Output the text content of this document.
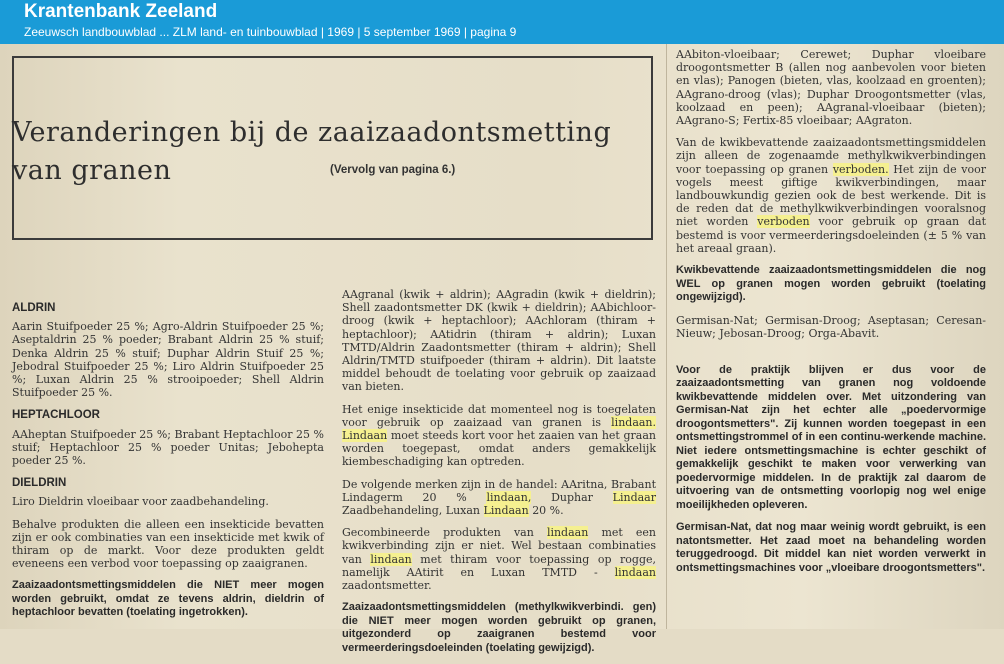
Krantenbank Zeeland
Zeeuwsch landbouwblad ... ZLM land- en tuinbouwblad | 1969 | 5 september 1969 | pagina 9
Veranderingen bij de zaaizaadontsmetting
van granen	(Vervolg van pagina 6.)
ALDRIN

Aarin Stuifpoeder 25 %; Agro-Aldrin Stuifpoeder 25 %; Aseptaldrin 25 % poeder; Brabant Aldrin 25 % stuif; Denka Aldrin 25 % stuif; Duphar Aldrin Stuif 25 %; Jebodral Stuifpoeder 25 %; Liro Aldrin Stuifpoeder 25 %; Luxan Aldrin 25 % strooipoeder; Shell Aldrin Stuifpoeder 25 %.

HEPTACHLOOR

AAheptan Stuifpoeder 25 %; Brabant Heptachloor 25 % stuif; Heptachloor 25 % poeder Unitas; Jebohepta poeder 25 %.

DIELDRIN

Liro Dieldrin vloeibaar voor zaadbehandeling.

Behalve produkten die alleen een insekticide bevatten zijn er ook combinaties van een insekticide met kwik of thiram op de markt. Voor deze produkten geldt eveneens een verbod voor toepassing op zaaigranen.

Zaaizaadontsmettingsmiddelen die NIET meer mogen worden gebruikt, omdat ze tevens aldrin, dieldrin of heptachloor bevatten (toelating ingetrokken).

AAgranal (kwik + aldrin); AAgradin (kwik + dieldrin); Shell zaadontsmetter DK (kwik + dieldrin); AAbichloor-droog (kwik + heptachloor); AAchloram (thiram + heptachloor); AAtidrin (thiram + aldrin); Luxan TMTD/Aldrin Zaadontsmetter (thiram + aldrin); Shell Aldrin/TMTD stuifpoeder (thiram + aldrin). Dit laatste middel behoudt de toelating voor gebruik op zaaizaad van bieten.

Het enige insekticide dat momenteel nog is toegelaten voor gebruik op zaaizaad van granen is lindaan. Lindaan moet steeds kort voor het zaaien van het graan worden toegepast, omdat anders gemakkelijk kiembeschadiging kan optreden.

De volgende merken zijn in de handel: AAritna, Brabant Lindagerm 20 % lindaan, Duphar Lindaar Zaadbehandeling, Luxan Lindaan 20 %.

Gecombineerde produkten van lindaan met een kwikverbinding zijn er niet. Wel bestaan combinaties van lindaan met thiram voor toepassing op rogge, namelijk AAtirit en Luxan TMTD - lindaan zaadontsmetter.

Zaaizaadontsmettingsmiddelen (methylkwikverbindi. gen) die NIET meer mogen worden gebruikt op granen, uitgezonderd op zaaigranen bestemd voor vermeerderingsdoeleinden (toelating gewijzigd).

AAbiton-vloeibaar; Cerewet; Duphar vloeibare droogontsmetter B (allen nog aanbevolen voor bieten en vlas); Panogen (bieten, vlas, koolzaad en groenten); AAgrano-droog (vlas); Duphar Droogontsmetter (vlas, koolzaad en peen); AAgranal-vloeibaar (bieten); AAgrano-S; Fertix-85 vloeibaar; AAgraton.

Van de kwikbevattende zaaizaadontsmettingsmiddelen zijn alleen de zogenaamde methylkwikverbindingen voor toepassing op granen verboden. Het zijn de voor vogels meest giftige kwikverbindingen, maar landbouwkundig gezien ook de best werkende. Dit is de reden dat de methylkwikverbindingen vooralsnog niet worden verboden voor gebruik op graan dat bestemd is voor vermeerderingsdoeleinden (± 5 % van het areaal graan).

Kwikbevattende zaaizaadontsmettingsmiddelen die nog WEL op granen mogen worden gebruikt (toelating ongewijzigd).

Germisan-Nat; Germisan-Droog; Aseptasan; Ceresan-Nieuw; Jebosan-Droog; Orga-Abavit.

Voor de praktijk blijven er dus voor de zaaizaadontsmetting van granen nog voldoende kwikbevattende middelen over. Met uitzondering van Germisan-Nat zijn het echter alle „poedervormige droogontsmetters". Zij kunnen worden toegepast in een ontsmettingstrommel of in een continu-werkende machine. Niet iedere ontsmettingsmachine is echter geschikt of gemakkelijk geschikt te maken voor verwerking van poedervormige middelen. In de praktijk zal daarom de uitvoering van de ontsmetting voorlopig nog wel enige moeilijkheden opleveren.

Germisan-Nat, dat nog maar weinig wordt gebruikt, is een natontsmetter. Het zaad moet na behandeling worden teruggedroogd. Dit middel kan niet worden verwerkt in ontsmettingsmachines voor „vloeibare droogontsmetters".
